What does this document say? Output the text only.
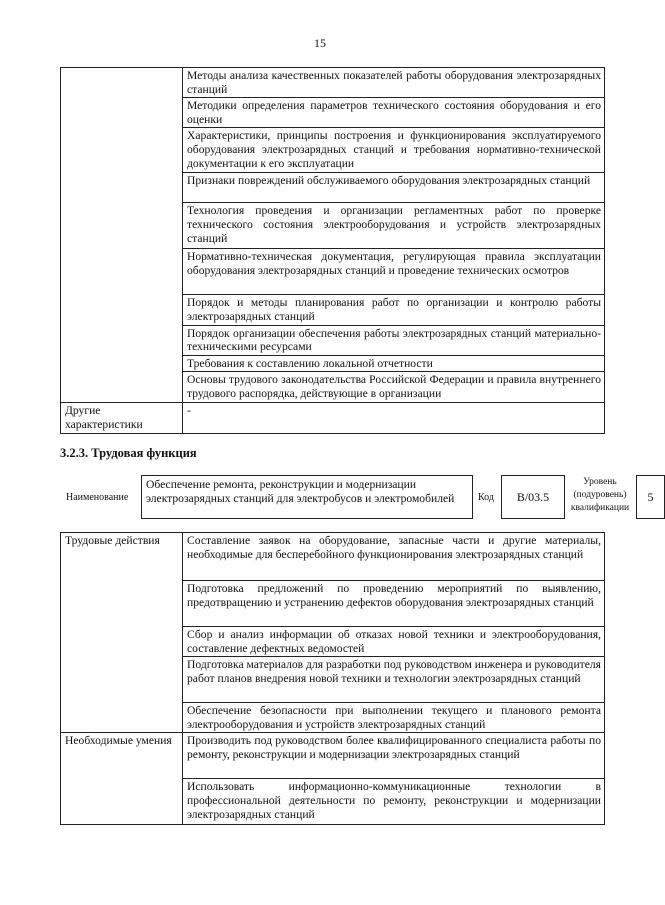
15
	Методы анализа качественных показателей работы оборудования электрозарядных станций
	Методики определения параметров технического состояния оборудования и его оценки
	Характеристики, принципы построения и функционирования эксплуатируемого оборудования электрозарядных станций и требования нормативно-технической документации к его эксплуатации
	Признаки повреждений обслуживаемого оборудования электрозарядных станций
	Технология проведения и организации регламентных работ по проверке технического состояния электрооборудования и устройств электрозарядных станций
	Нормативно-техническая документация, регулирующая правила эксплуатации оборудования электрозарядных станций и проведение технических осмотров
	Порядок и методы планирования работ по организации и контролю работы электрозарядных станций
	Порядок организации обеспечения работы электрозарядных станций материально-техническими ресурсами
	Требования к составлению локальной отчетности
	Основы трудового законодательства Российской Федерации и правила внутреннего трудового распорядка, действующие в организации
Другие характеристики	-
3.2.3. Трудовая функция
Наименование
Обеспечение ремонта, реконструкции и модернизации электрозарядных станций для электробусов и электромобилей	Код	B/03.5
Уровень (подуровень) квалификации
5
Трудовые действия	Составление заявок на оборудование, запасные части и другие материалы, необходимые для бесперебойного функционирования электрозарядных станций
	Подготовка предложений по проведению мероприятий по выявлению, предотвращению и устранению дефектов оборудования электрозарядных станций
	Сбор и анализ информации об отказах новой техники и электрооборудования, составление дефектных ведомостей
	Подготовка материалов для разработки под руководством инженера и руководителя работ планов внедрения новой техники и технологии электрозарядных станций
	Обеспечение безопасности при выполнении текущего и планового ремонта электрооборудования и устройств электрозарядных станций
Необходимые умения	Производить под руководством более квалифицированного специалиста работы по ремонту, реконструкции и модернизации электрозарядных станций
	Использовать информационно-коммуникационные технологии в профессиональной деятельности по ремонту, реконструкции и модернизации электрозарядных станций
